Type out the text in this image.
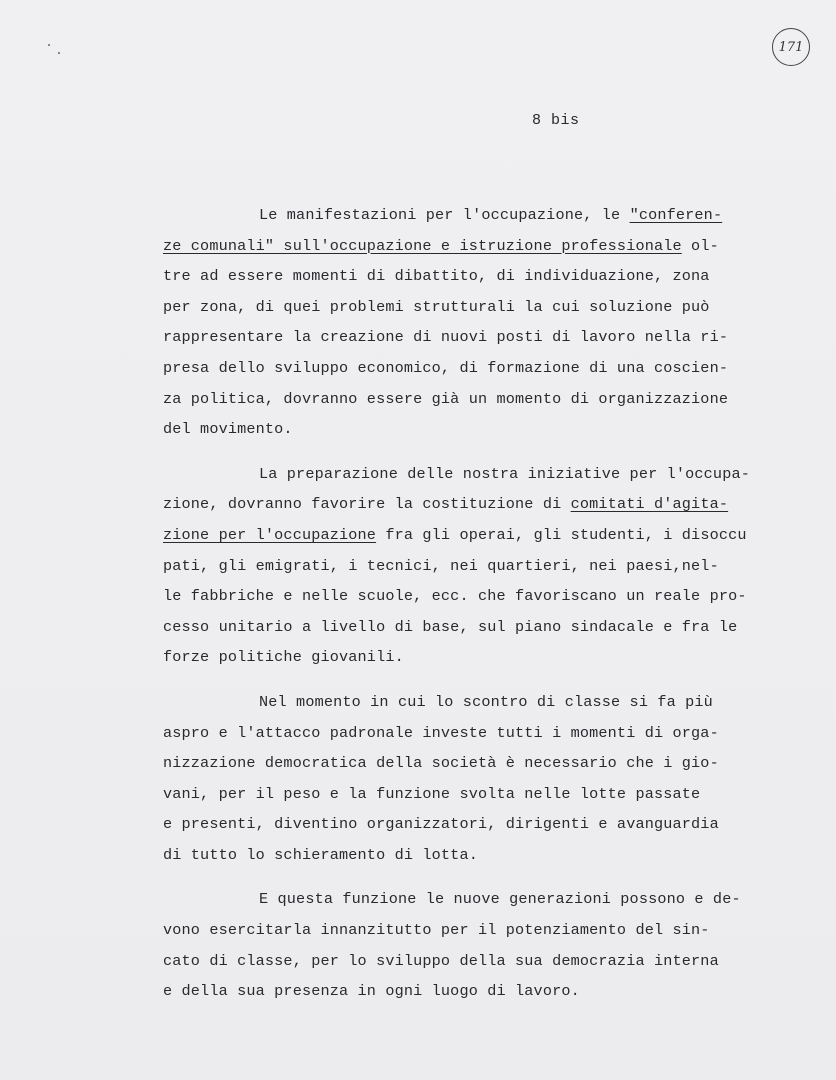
171
8 bis
Le manifestazioni per l'occupazione, le "conferen-
ze comunali" sull'occupazione e istruzione professionale ol-
tre ad essere momenti di dibattito, di individuazione, zona
per zona, di quei problemi strutturali la cui soluzione può
rappresentare la creazione di nuovi posti di lavoro nella ri-
presa dello sviluppo economico, di formazione di una coscien-
za politica, dovranno essere già un momento di organizzazione
del movimento.
La preparazione delle nostra iniziative per l'occupa-
zione, dovranno favorire la costituzione di comitati d'agita-
zione per l'occupazione fra gli operai, gli studenti, i disoccu
pati, gli emigrati, i tecnici, nei quartieri, nei paesi,nel-
le fabbriche e nelle scuole, ecc. che favoriscano un reale pro-
cesso unitario a livello di base, sul piano sindacale e fra le
forze politiche giovanili.
Nel momento in cui lo scontro di classe si fa più
aspro e l'attacco padronale investe tutti i momenti di orga-
nizzazione democratica della società è necessario che i gio-
vani, per il peso e la funzione svolta nelle lotte passate
e presenti, diventino organizzatori, dirigenti e avanguardia
di tutto lo schieramento di lotta.
E questa funzione le nuove generazioni possono e de-
vono esercitarla innanzitutto per il potenziamento del sin-
cato di classe, per lo sviluppo della sua democrazia interna
e della sua presenza in ogni luogo di lavoro.
